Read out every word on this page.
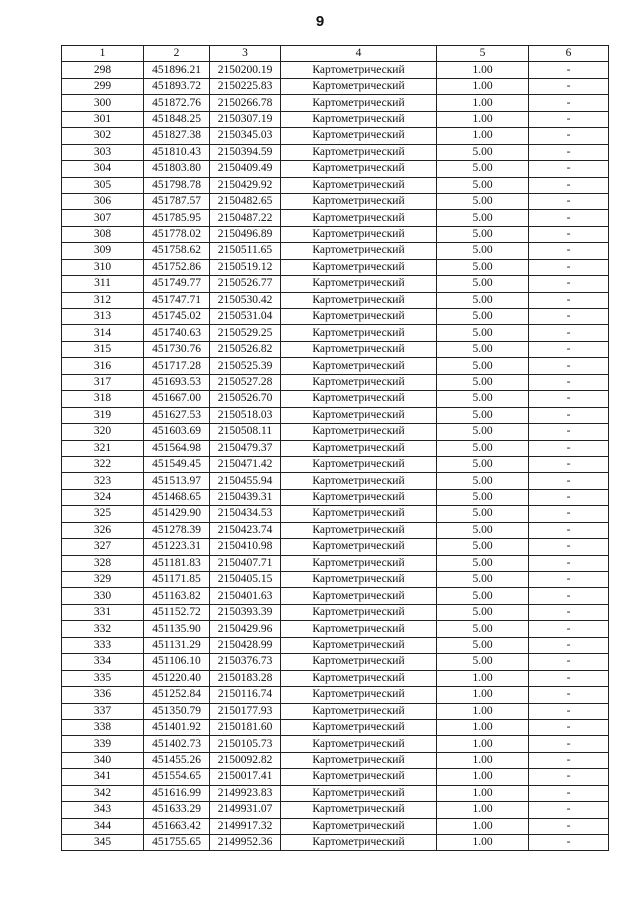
9
1	2	3	4	5	6
298	451896.21	2150200.19	Картометрический	1.00	-
299	451893.72	2150225.83	Картометрический	1.00	-
300	451872.76	2150266.78	Картометрический	1.00	-
301	451848.25	2150307.19	Картометрический	1.00	-
302	451827.38	2150345.03	Картометрический	1.00	-
303	451810.43	2150394.59	Картометрический	5.00	-
304	451803.80	2150409.49	Картометрический	5.00	-
305	451798.78	2150429.92	Картометрический	5.00	-
306	451787.57	2150482.65	Картометрический	5.00	-
307	451785.95	2150487.22	Картометрический	5.00	-
308	451778.02	2150496.89	Картометрический	5.00	-
309	451758.62	2150511.65	Картометрический	5.00	-
310	451752.86	2150519.12	Картометрический	5.00	-
311	451749.77	2150526.77	Картометрический	5.00	-
312	451747.71	2150530.42	Картометрический	5.00	-
313	451745.02	2150531.04	Картометрический	5.00	-
314	451740.63	2150529.25	Картометрический	5.00	-
315	451730.76	2150526.82	Картометрический	5.00	-
316	451717.28	2150525.39	Картометрический	5.00	-
317	451693.53	2150527.28	Картометрический	5.00	-
318	451667.00	2150526.70	Картометрический	5.00	-
319	451627.53	2150518.03	Картометрический	5.00	-
320	451603.69	2150508.11	Картометрический	5.00	-
321	451564.98	2150479.37	Картометрический	5.00	-
322	451549.45	2150471.42	Картометрический	5.00	-
323	451513.97	2150455.94	Картометрический	5.00	-
324	451468.65	2150439.31	Картометрический	5.00	-
325	451429.90	2150434.53	Картометрический	5.00	-
326	451278.39	2150423.74	Картометрический	5.00	-
327	451223.31	2150410.98	Картометрический	5.00	-
328	451181.83	2150407.71	Картометрический	5.00	-
329	451171.85	2150405.15	Картометрический	5.00	-
330	451163.82	2150401.63	Картометрический	5.00	-
331	451152.72	2150393.39	Картометрический	5.00	-
332	451135.90	2150429.96	Картометрический	5.00	-
333	451131.29	2150428.99	Картометрический	5.00	-
334	451106.10	2150376.73	Картометрический	5.00	-
335	451220.40	2150183.28	Картометрический	1.00	-
336	451252.84	2150116.74	Картометрический	1.00	-
337	451350.79	2150177.93	Картометрический	1.00	-
338	451401.92	2150181.60	Картометрический	1.00	-
339	451402.73	2150105.73	Картометрический	1.00	-
340	451455.26	2150092.82	Картометрический	1.00	-
341	451554.65	2150017.41	Картометрический	1.00	-
342	451616.99	2149923.83	Картометрический	1.00	-
343	451633.29	2149931.07	Картометрический	1.00	-
344	451663.42	2149917.32	Картометрический	1.00	-
345	451755.65	2149952.36	Картометрический	1.00	-
